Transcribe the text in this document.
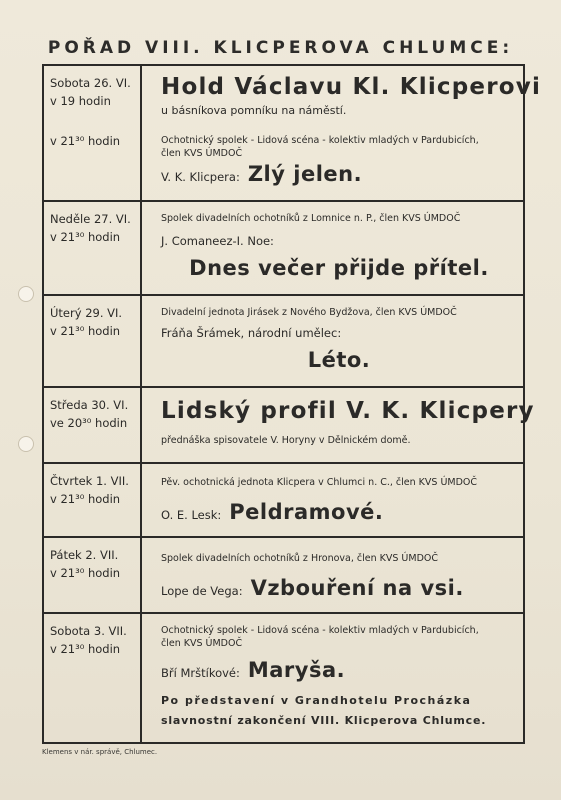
POŘAD VIII. KLICPEROVA CHLUMCE:
Sobota 26. VI.
v 19 hodin
v 21³⁰ hodin
Hold Václavu Kl. Klicperovi
u básníkova pomníku na náměstí.
Ochotnický spolek - Lidová scéna - kolektiv mladých v Pardubicích,
člen KVS ÚMDOČ
V. K. Klicpera: Zlý jelen.
Neděle 27. VI.
v 21³⁰ hodin
Spolek divadelních ochotníků z Lomnice n. P., člen KVS ÚMDOČ
J. Comaneez-I. Noe:
Dnes večer přijde přítel.
Úterý 29. VI.
v 21³⁰ hodin
Divadelní jednota Jirásek z Nového Bydžova, člen KVS ÚMDOČ
Fráňa Šrámek, národní umělec:
Léto.
Středa 30. VI.
ve 20³⁰ hodin	Lidský profil V. K. Klicpery
přednáška spisovatele V. Horyny v Dělnickém domě.
Čtvrtek 1. VII.
v 21³⁰ hodin
Pěv. ochotnická jednota Klicpera v Chlumci n. C., člen KVS ÚMDOČ
O. E. Lesk: Peldramové.
Pátek 2. VII.
v 21³⁰ hodin
Spolek divadelních ochotníků z Hronova, člen KVS ÚMDOČ
Lope de Vega: Vzbouření na vsi.
Sobota 3. VII.
v 21³⁰ hodin
Ochotnický spolek - Lidová scéna - kolektiv mladých v Pardubicích,
člen KVS ÚMDOČ
Bří Mrštíkové: Maryša.
Po představení v Grandhotelu Procházka
slavnostní zakončení VIII. Klicperova Chlumce.
Klemens v nár. správě, Chlumec.
